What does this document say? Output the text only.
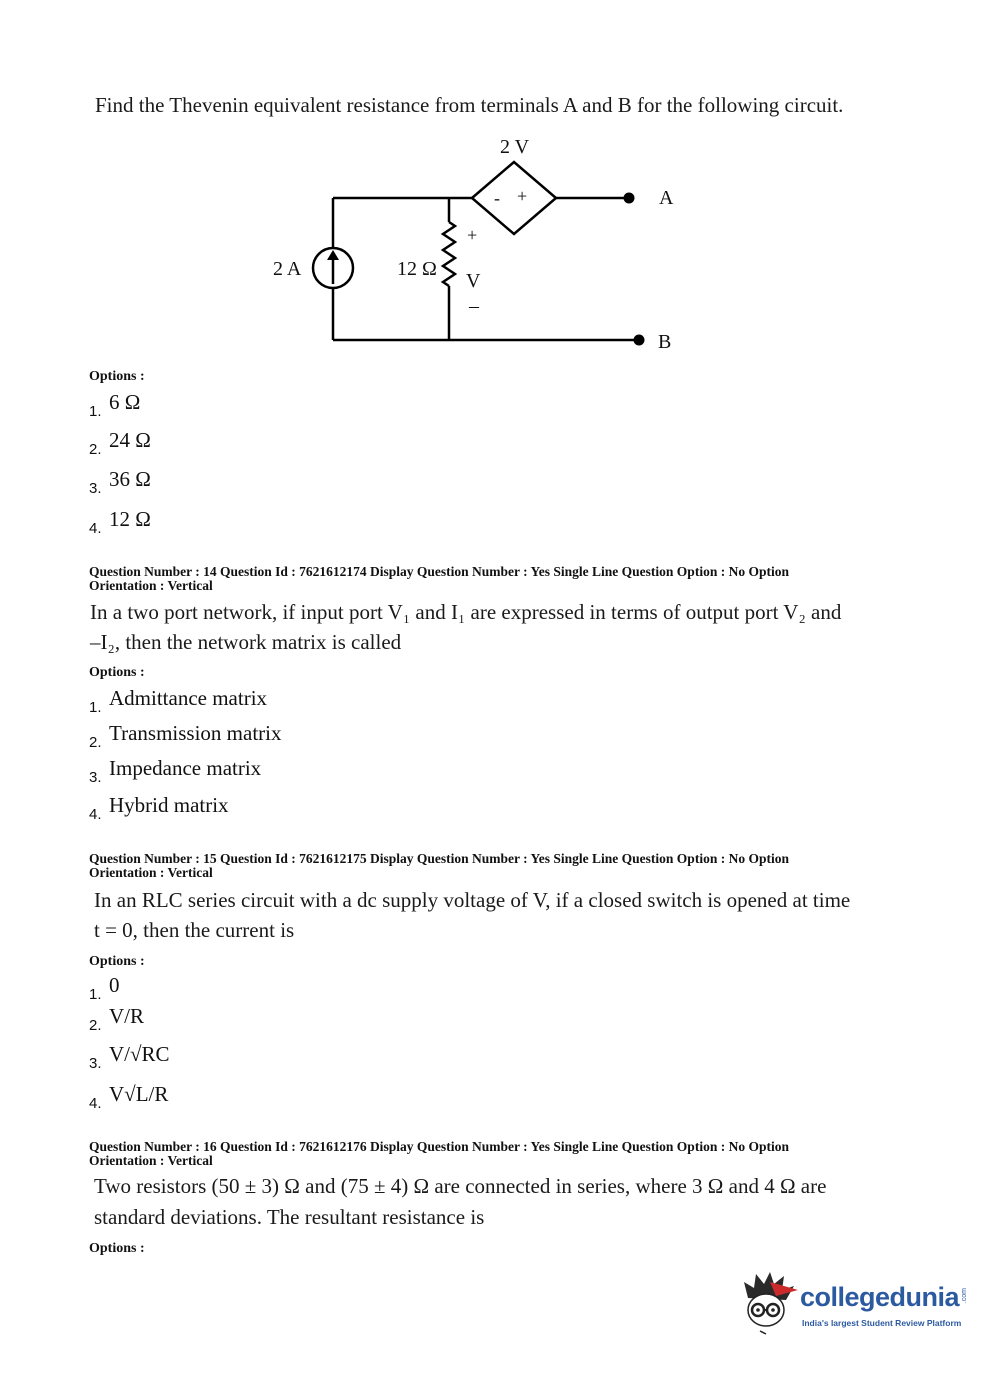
Find the Thevenin equivalent resistance from terminals A and B for the following circuit.
2 V
- +
2 A	12 Ω
+
V
–
A
B
Options :
1. 6 Ω
2. 24 Ω
3. 36 Ω
4. 12 Ω
Question Number : 14 Question Id : 7621612174 Display Question Number : Yes Single Line Question Option : No Option
Orientation : Vertical
In a two port network, if input port V₁ and I₁ are expressed in terms of output port V₂ and
–I₂, then the network matrix is called
Options :
1. Admittance matrix
2. Transmission matrix
3. Impedance matrix
4. Hybrid matrix
Question Number : 15 Question Id : 7621612175 Display Question Number : Yes Single Line Question Option : No Option
Orientation : Vertical
In an RLC series circuit with a dc supply voltage of V, if a closed switch is opened at time
t = 0, then the current is
Options :
1. 0
2. V/R
3. V/√RC
4. V√L/R
Question Number : 16 Question Id : 7621612176 Display Question Number : Yes Single Line Question Option : No Option
Orientation : Vertical
Two resistors (50 ± 3) Ω and (75 ± 4) Ω are connected in series, where 3 Ω and 4 Ω are
standard deviations. The resultant resistance is
Options :
collegedunia .com
India's largest Student Review Platform
